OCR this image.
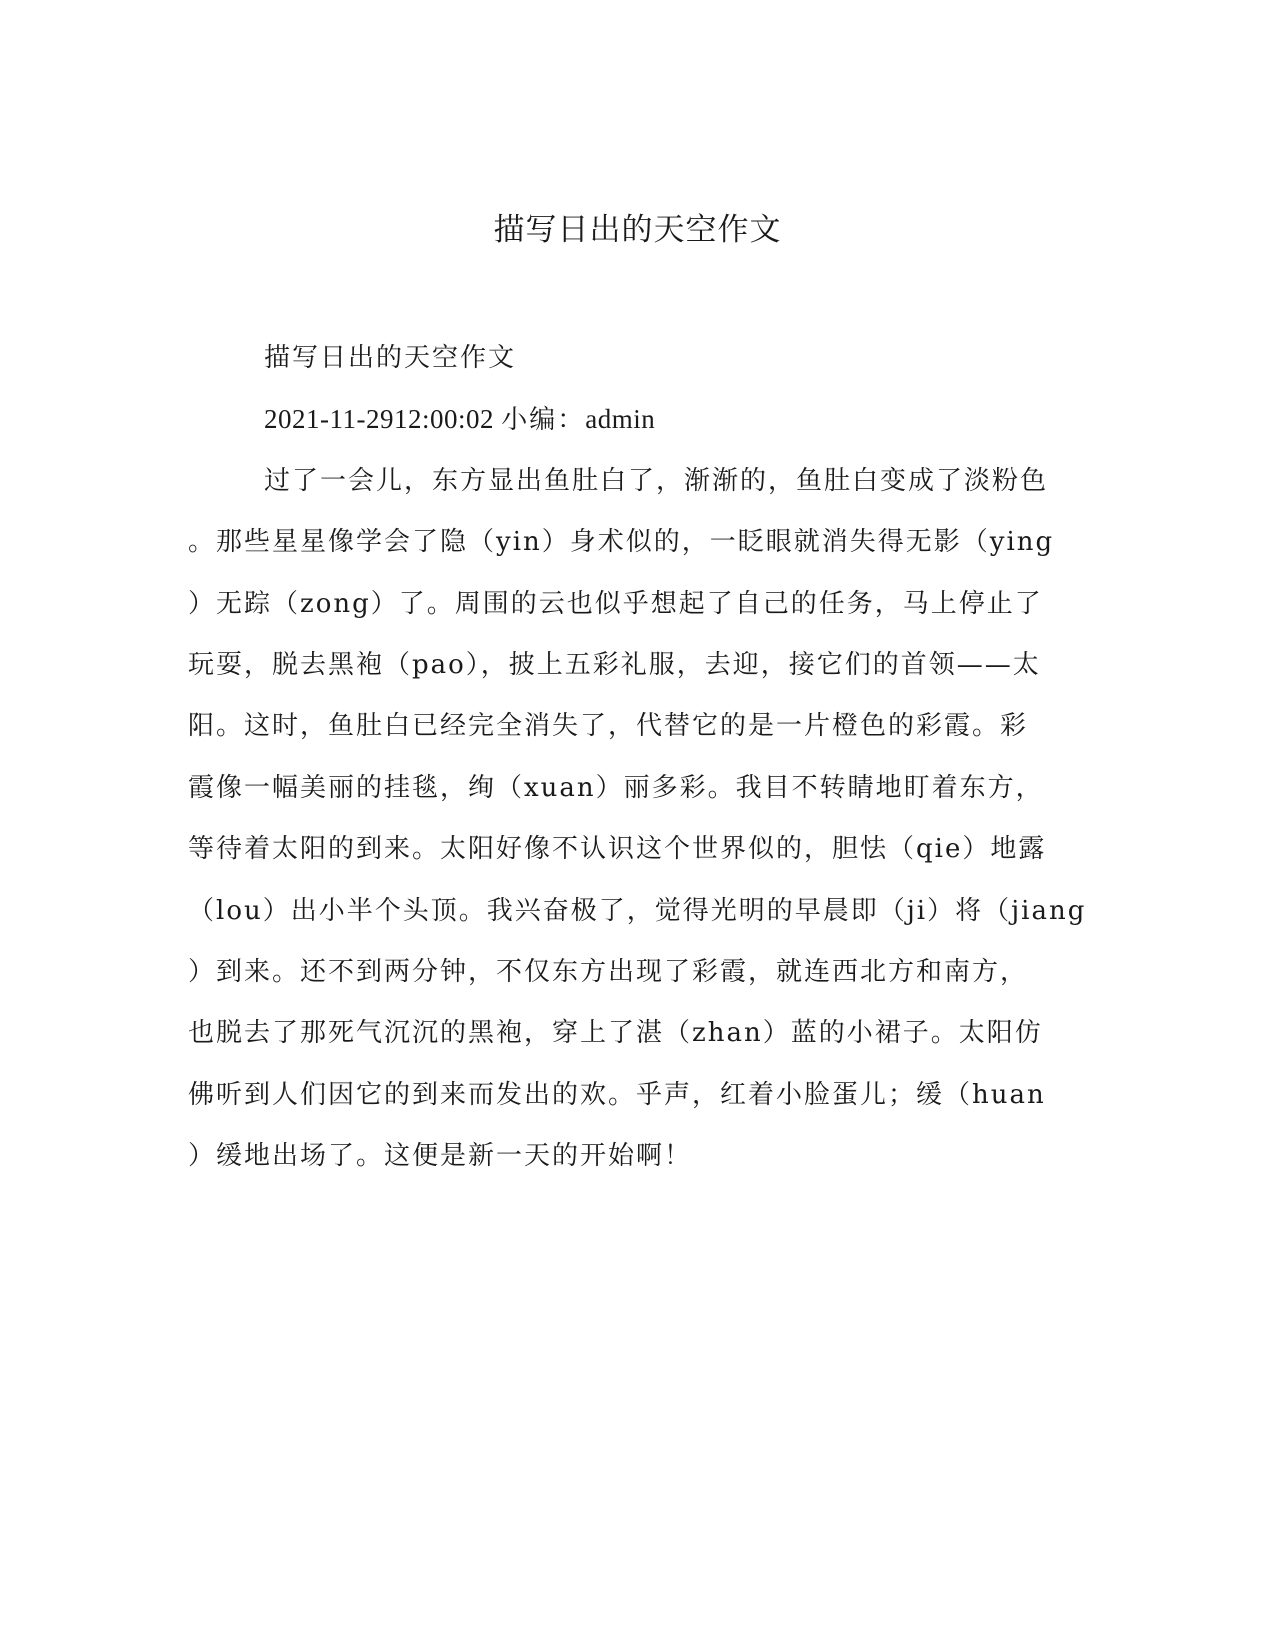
描写日出的天空作文
描写日出的天空作文
2021-11-2912:00:02 小编：admin
过了一会儿，东方显出鱼肚白了，渐渐的，鱼肚白变成了淡粉色
。那些星星像学会了隐（yin）身术似的，一眨眼就消失得无影（ying
）无踪（zong）了。周围的云也似乎想起了自己的任务，马上停止了
玩耍，脱去黑袍（pao），披上五彩礼服，去迎，接它们的首领——太
阳。这时，鱼肚白已经完全消失了，代替它的是一片橙色的彩霞。彩
霞像一幅美丽的挂毯，绚（xuan）丽多彩。我目不转睛地盯着东方，
等待着太阳的到来。太阳好像不认识这个世界似的，胆怯（qie）地露
（lou）出小半个头顶。我兴奋极了，觉得光明的早晨即（ji）将（jiang
）到来。还不到两分钟，不仅东方出现了彩霞，就连西北方和南方，
也脱去了那死气沉沉的黑袍，穿上了湛（zhan）蓝的小裙子。太阳仿
佛听到人们因它的到来而发出的欢。乎声，红着小脸蛋儿；缓（huan
）缓地出场了。这便是新一天的开始啊！
